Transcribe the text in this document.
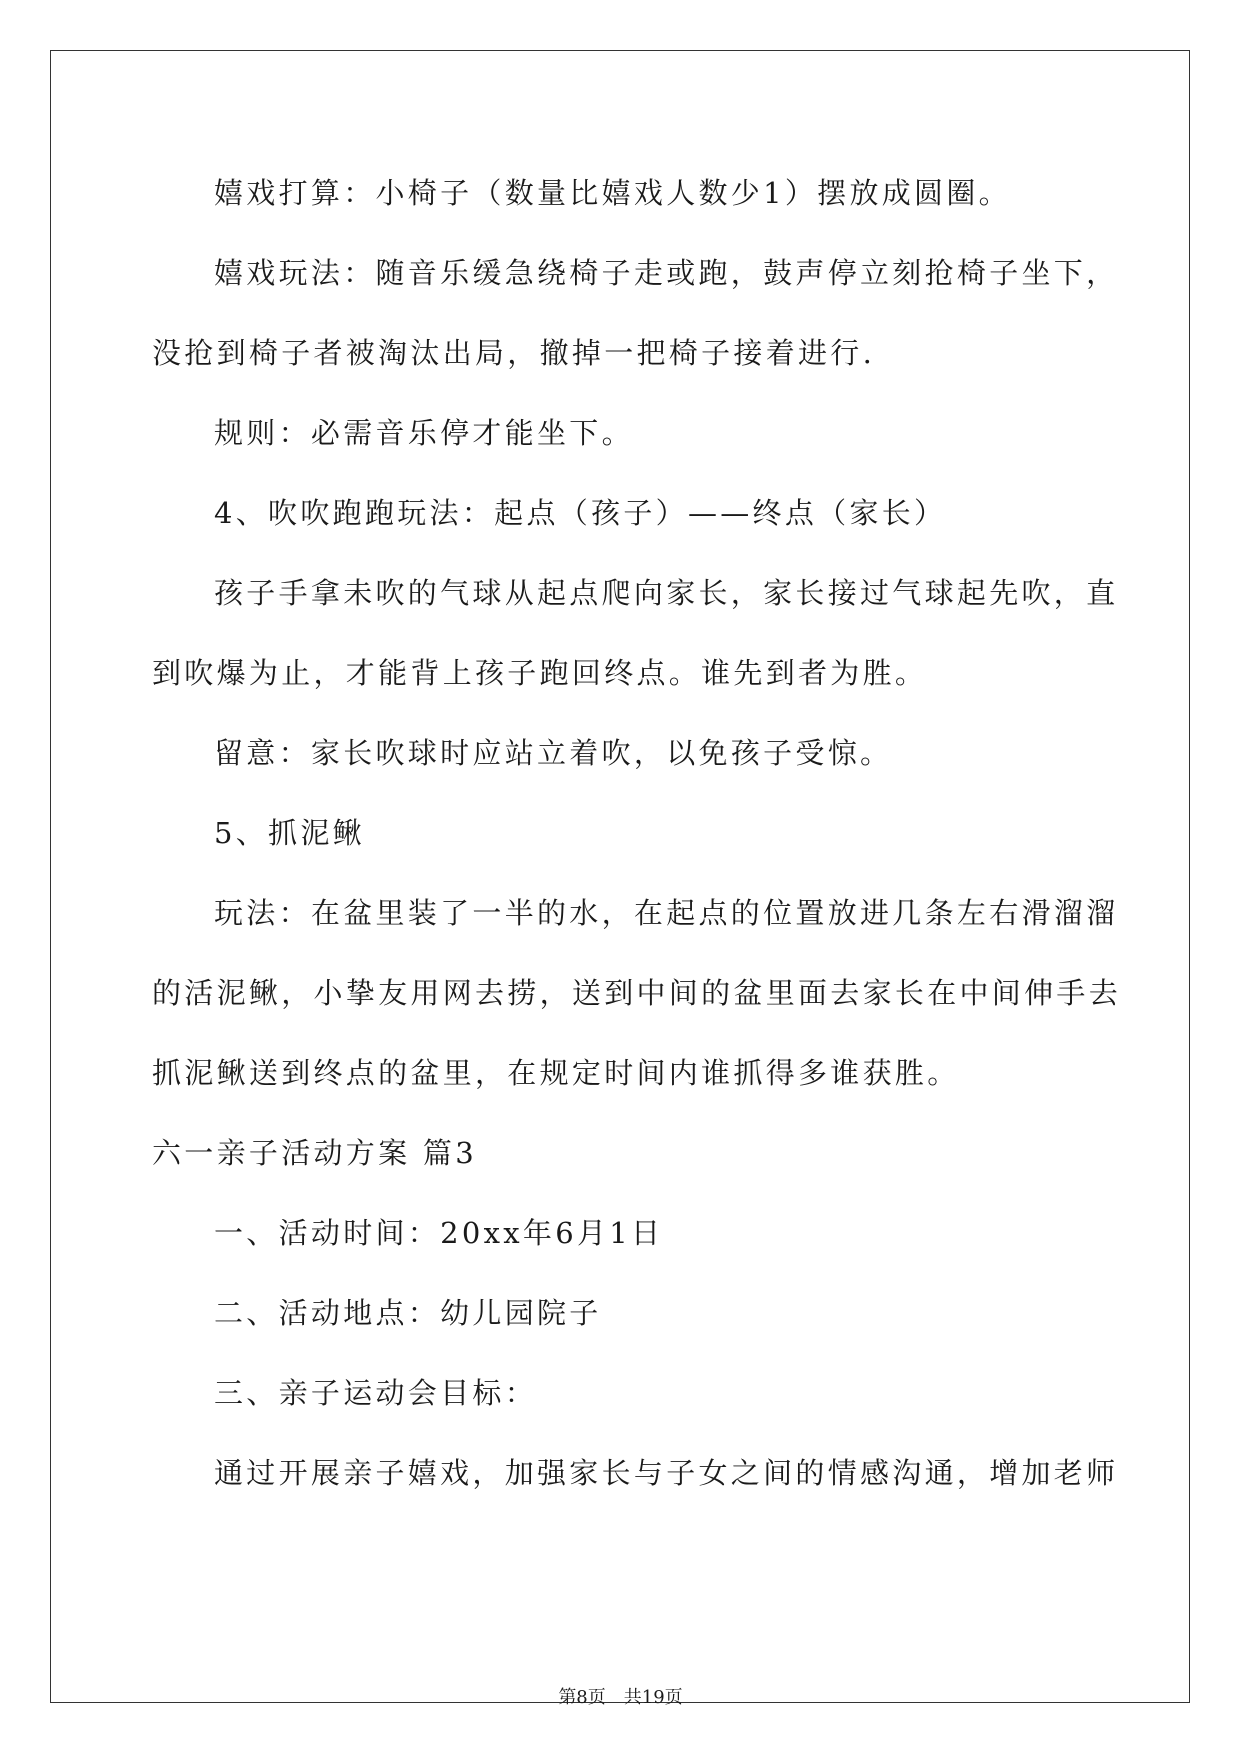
嬉戏打算：小椅子（数量比嬉戏人数少1）摆放成圆圈。
嬉戏玩法：随音乐缓急绕椅子走或跑，鼓声停立刻抢椅子坐下，
没抢到椅子者被淘汰出局，撤掉一把椅子接着进行.
规则：必需音乐停才能坐下。
4、吹吹跑跑玩法：起点（孩子）——终点（家长）
孩子手拿未吹的气球从起点爬向家长，家长接过气球起先吹，直
到吹爆为止，才能背上孩子跑回终点。谁先到者为胜。
留意：家长吹球时应站立着吹，以免孩子受惊。
5、抓泥鳅
玩法：在盆里装了一半的水，在起点的位置放进几条左右滑溜溜
的活泥鳅，小挚友用网去捞，送到中间的盆里面去家长在中间伸手去
抓泥鳅送到终点的盆里，在规定时间内谁抓得多谁获胜。
六一亲子活动方案 篇3
一、活动时间：20xx年6月1日
二、活动地点：幼儿园院子
三、亲子运动会目标：
通过开展亲子嬉戏，加强家长与子女之间的情感沟通，增加老师
第8页　共19页
